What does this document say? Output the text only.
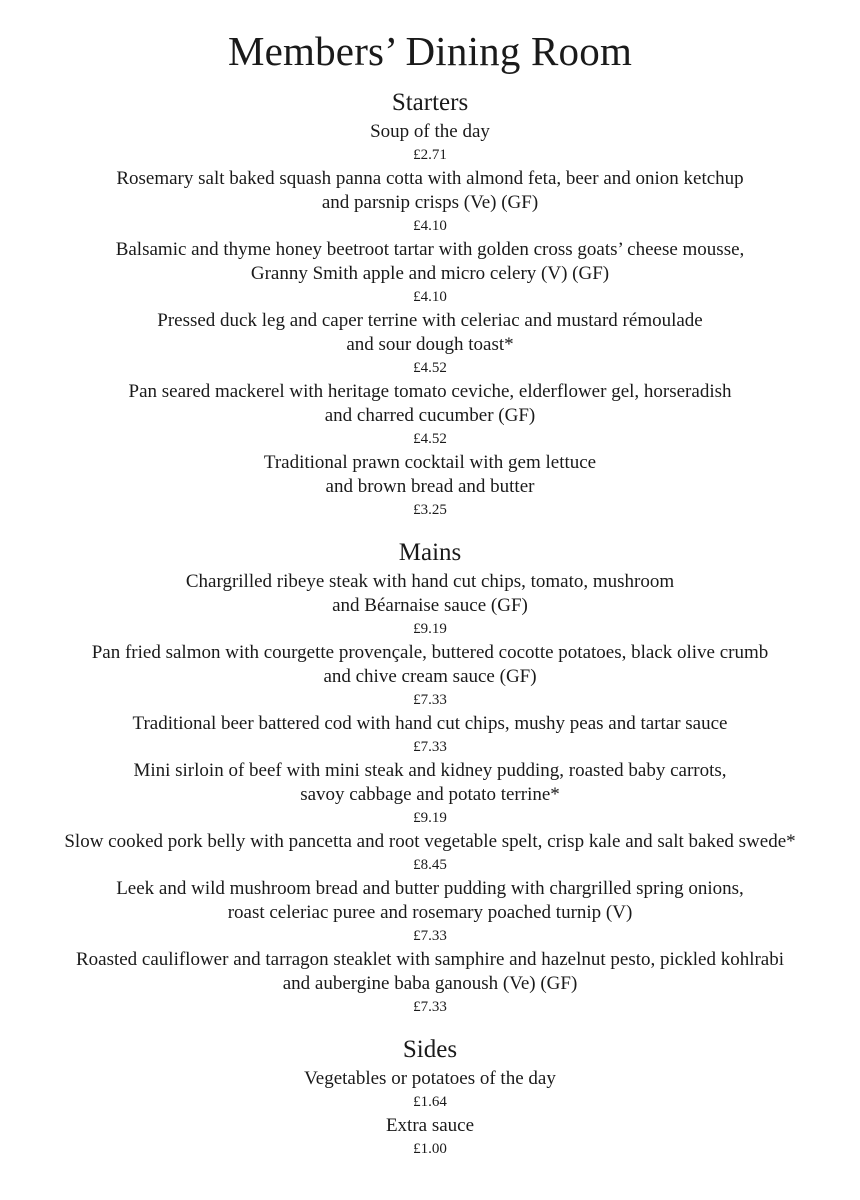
Members’ Dining Room
Starters
Soup of the day
£2.71
Rosemary salt baked squash panna cotta with almond feta, beer and onion ketchup
and parsnip crisps (Ve) (GF)
£4.10
Balsamic and thyme honey beetroot tartar with golden cross goats’ cheese mousse,
Granny Smith apple and micro celery (V) (GF)
£4.10
Pressed duck leg and caper terrine with celeriac and mustard rémoulade
and sour dough toast*
£4.52
Pan seared mackerel with heritage tomato ceviche, elderflower gel, horseradish
and charred cucumber (GF)
£4.52
Traditional prawn cocktail with gem lettuce
and brown bread and butter
£3.25
Mains
Chargrilled ribeye steak with hand cut chips, tomato, mushroom
and Béarnaise sauce (GF)
£9.19
Pan fried salmon with courgette provençale, buttered cocotte potatoes, black olive crumb
and chive cream sauce (GF)
£7.33
Traditional beer battered cod with hand cut chips, mushy peas and tartar sauce
£7.33
Mini sirloin of beef with mini steak and kidney pudding, roasted baby carrots,
savoy cabbage and potato terrine*
£9.19
Slow cooked pork belly with pancetta and root vegetable spelt, crisp kale and salt baked swede*
£8.45
Leek and wild mushroom bread and butter pudding with chargrilled spring onions,
roast celeriac puree and rosemary poached turnip (V)
£7.33
Roasted cauliflower and tarragon steaklet with samphire and hazelnut pesto, pickled kohlrabi
and aubergine baba ganoush (Ve) (GF)
£7.33
Sides
Vegetables or potatoes of the day
£1.64
Extra sauce
£1.00
